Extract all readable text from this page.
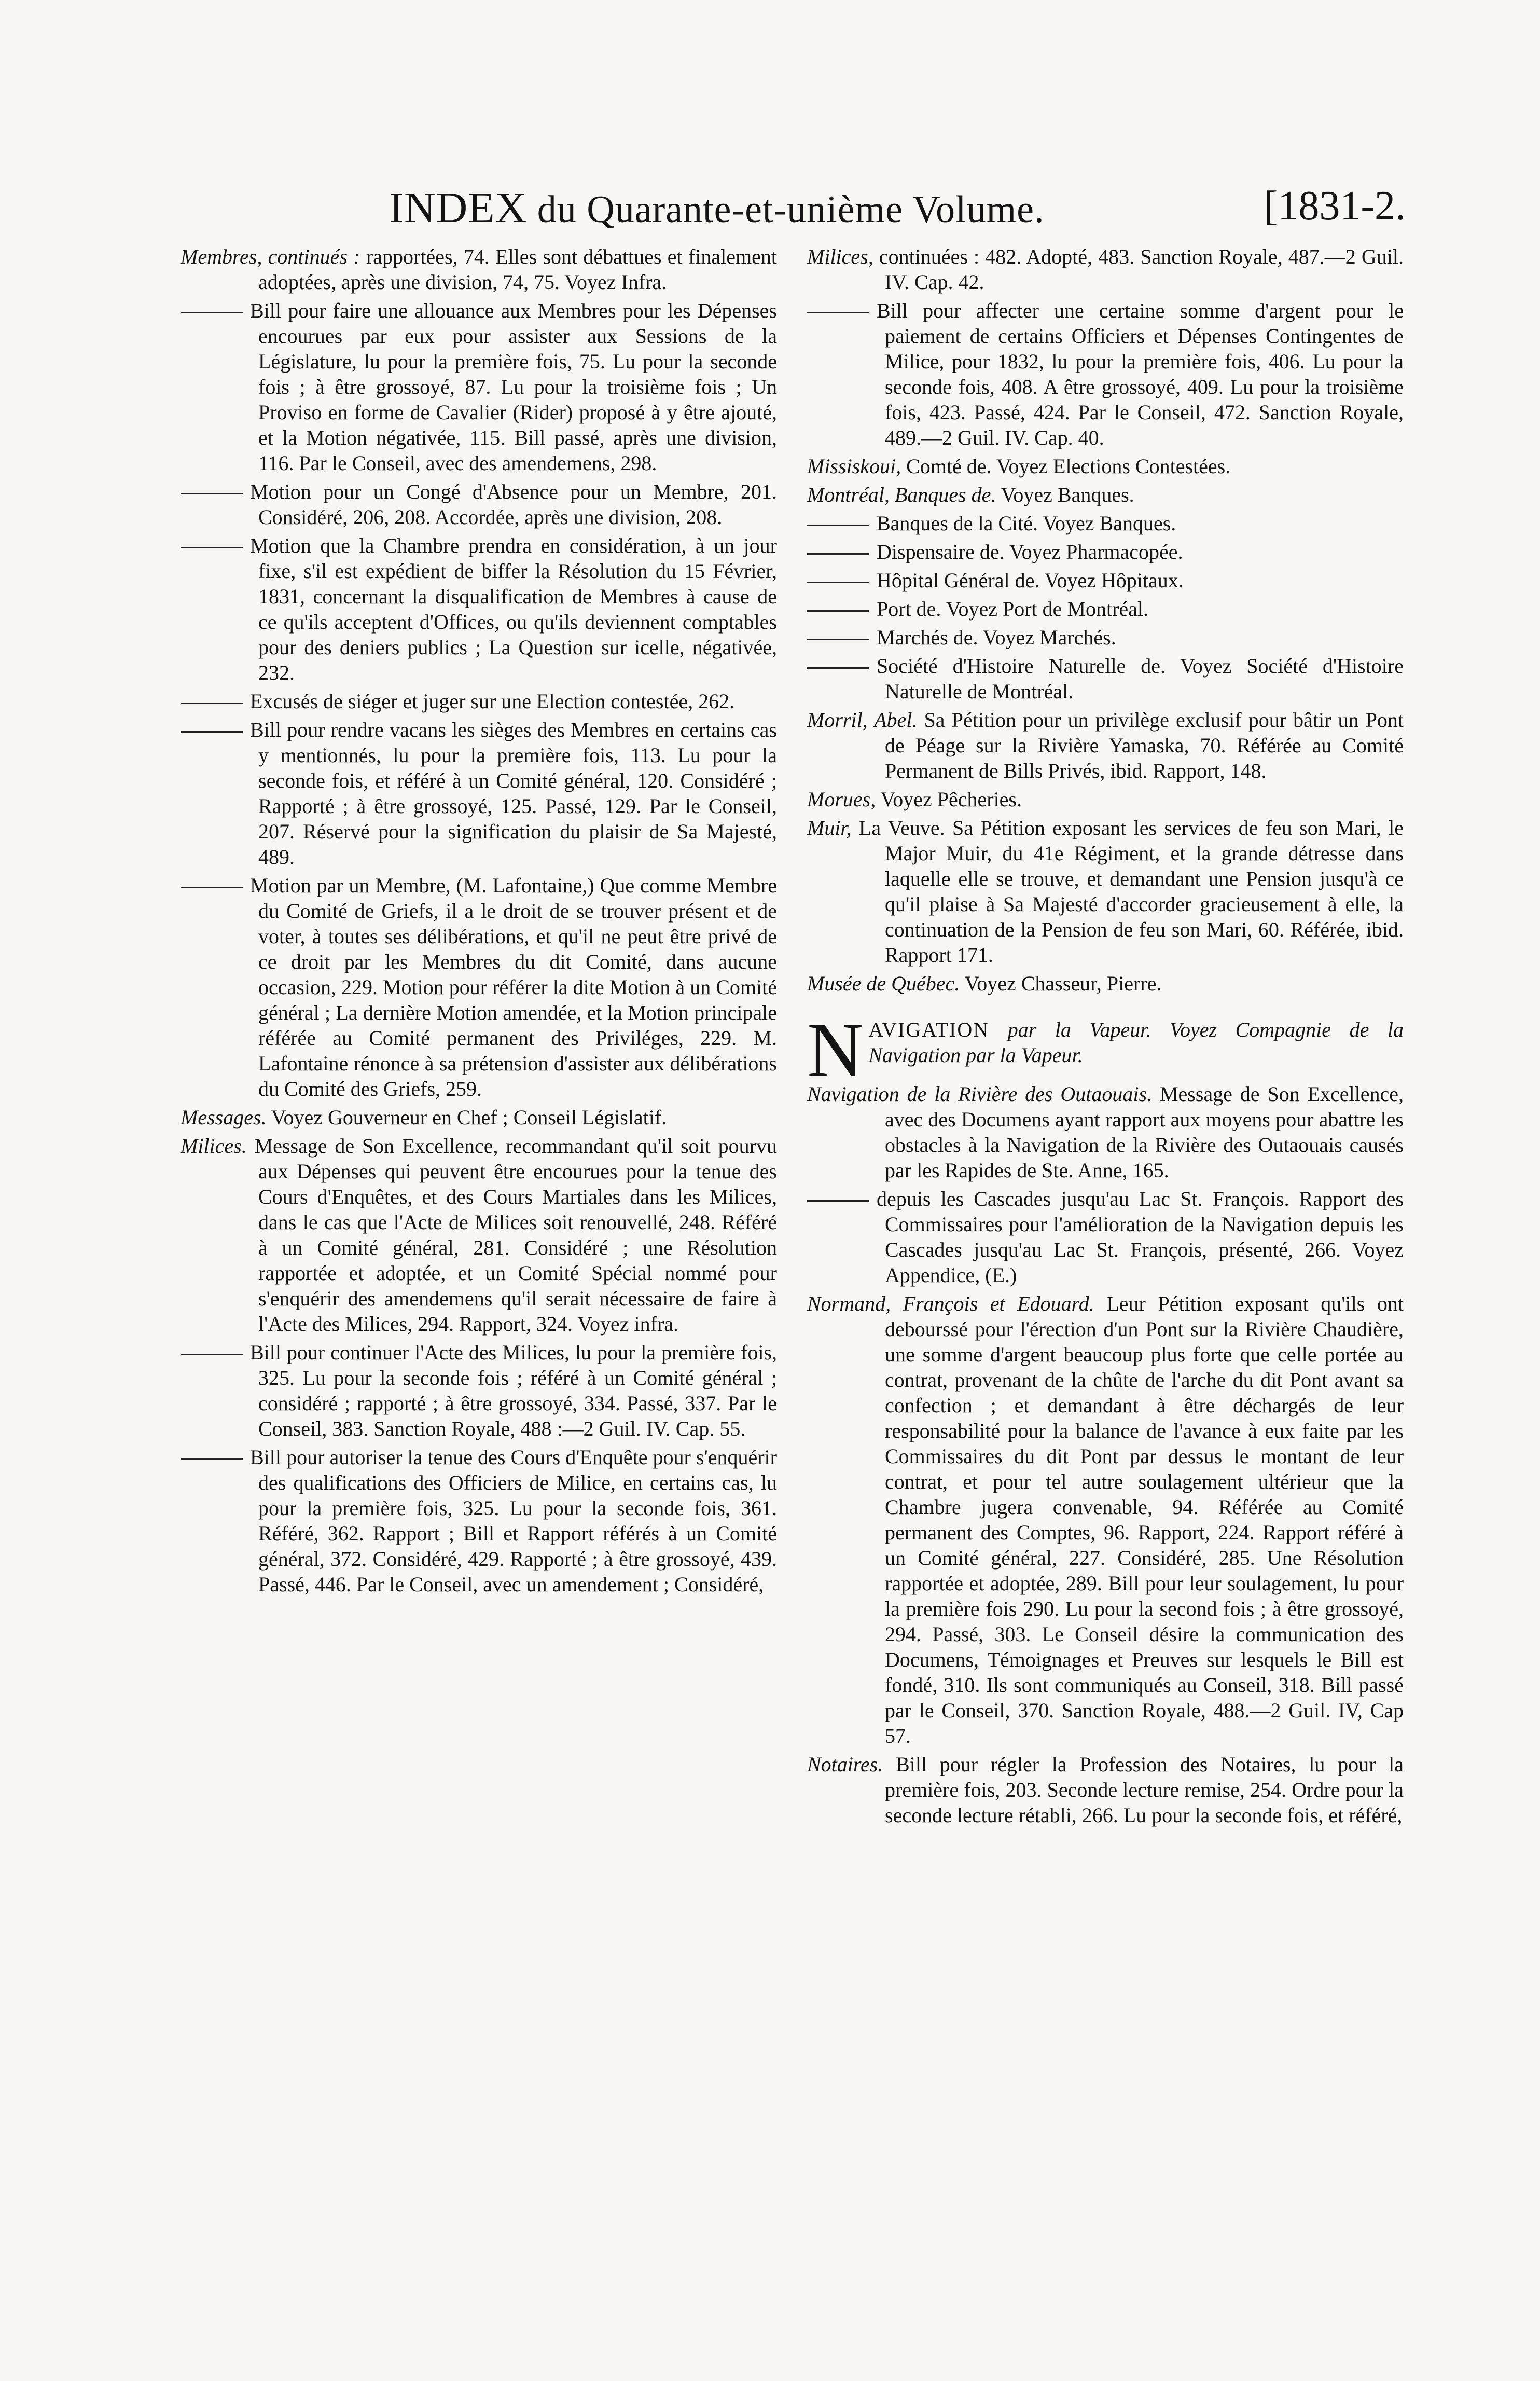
INDEX du Quarante-et-unième Volume.	[1831-2.

Membres, continués : rapportées, 74. Elles sont débattues et finalement adoptées, après une division, 74, 75. Voyez Infra.

Bill pour faire une allouance aux Membres pour les Dépenses encourues par eux pour assister aux Sessions de la Législature, lu pour la première fois, 75. Lu pour la seconde fois ; à être grossoyé, 87. Lu pour la troisième fois ; Un Proviso en forme de Cavalier (Rider) proposé à y être ajouté, et la Motion négativée, 115. Bill passé, après une division, 116. Par le Conseil, avec des amendemens, 298.

Motion pour un Congé d'Absence pour un Membre, 201. Considéré, 206, 208. Accordée, après une division, 208.

Motion que la Chambre prendra en considération, à un jour fixe, s'il est expédient de biffer la Résolution du 15 Février, 1831, concernant la disqualification de Membres à cause de ce qu'ils acceptent d'Offices, ou qu'ils deviennent comptables pour des deniers publics ; La Question sur icelle, négativée, 232.

Excusés de siéger et juger sur une Election contestée, 262.

Bill pour rendre vacans les sièges des Membres en certains cas y mentionnés, lu pour la première fois, 113. Lu pour la seconde fois, et référé à un Comité général, 120. Considéré ; Rapporté ; à être grossoyé, 125. Passé, 129. Par le Conseil, 207. Réservé pour la signification du plaisir de Sa Majesté, 489.

Motion par un Membre, (M. Lafontaine,) Que comme Membre du Comité de Griefs, il a le droit de se trouver présent et de voter, à toutes ses délibérations, et qu'il ne peut être privé de ce droit par les Membres du dit Comité, dans aucune occasion, 229. Motion pour référer la dite Motion à un Comité général ; La dernière Motion amendée, et la Motion principale référée au Comité permanent des Priviléges, 229. M. Lafontaine rénonce à sa prétension d'assister aux délibérations du Comité des Griefs, 259.

Messages. Voyez Gouverneur en Chef ; Conseil Législatif.

Milices. Message de Son Excellence, recommandant qu'il soit pourvu aux Dépenses qui peuvent être encourues pour la tenue des Cours d'Enquêtes, et des Cours Martiales dans les Milices, dans le cas que l'Acte de Milices soit renouvellé, 248. Référé à un Comité général, 281. Considéré ; une Résolution rapportée et adoptée, et un Comité Spécial nommé pour s'enquérir des amendemens qu'il serait nécessaire de faire à l'Acte des Milices, 294. Rapport, 324. Voyez infra.

Bill pour continuer l'Acte des Milices, lu pour la première fois, 325. Lu pour la seconde fois ; référé à un Comité général ; considéré ; rapporté ; à être grossoyé, 334. Passé, 337. Par le Conseil, 383. Sanction Royale, 488 :—2 Guil. IV. Cap. 55.

Bill pour autoriser la tenue des Cours d'Enquête pour s'enquérir des qualifications des Officiers de Milice, en certains cas, lu pour la première fois, 325. Lu pour la seconde fois, 361. Référé, 362. Rapport ; Bill et Rapport référés à un Comité général, 372. Considéré, 429. Rapporté ; à être grossoyé, 439. Passé, 446. Par le Conseil, avec un amendement ; Considéré,

Milices, continuées : 482. Adopté, 483. Sanction Royale, 487.—2 Guil. IV. Cap. 42.

Bill pour affecter une certaine somme d'argent pour le paiement de certains Officiers et Dépenses Contingentes de Milice, pour 1832, lu pour la première fois, 406. Lu pour la seconde fois, 408. A être grossoyé, 409. Lu pour la troisième fois, 423. Passé, 424. Par le Conseil, 472. Sanction Royale, 489.—2 Guil. IV. Cap. 40.

Missiskoui, Comté de. Voyez Elections Contestées.

Montréal, Banques de. Voyez Banques.

Banques de la Cité. Voyez Banques.

Dispensaire de. Voyez Pharmacopée.

Hôpital Général de. Voyez Hôpitaux.

Port de. Voyez Port de Montréal.

Marchés de. Voyez Marchés.

Société d'Histoire Naturelle de. Voyez Société d'Histoire Naturelle de Montréal.

Morril, Abel. Sa Pétition pour un privilège exclusif pour bâtir un Pont de Péage sur la Rivière Yamaska, 70. Référée au Comité Permanent de Bills Privés, ibid. Rapport, 148.

Morues, Voyez Pêcheries.

Muir, La Veuve. Sa Pétition exposant les services de feu son Mari, le Major Muir, du 41e Régiment, et la grande détresse dans laquelle elle se trouve, et demandant une Pension jusqu'à ce qu'il plaise à Sa Majesté d'accorder gracieusement à elle, la continuation de la Pension de feu son Mari, 60. Référée, ibid. Rapport 171.

Musée de Québec. Voyez Chasseur, Pierre.

NAVIGATION par la Vapeur. Voyez Compagnie de la Navigation par la Vapeur.

Navigation de la Rivière des Outaouais. Message de Son Excellence, avec des Documens ayant rapport aux moyens pour abattre les obstacles à la Navigation de la Rivière des Outaouais causés par les Rapides de Ste. Anne, 165.

depuis les Cascades jusqu'au Lac St. François. Rapport des Commissaires pour l'amélioration de la Navigation depuis les Cascades jusqu'au Lac St. François, présenté, 266. Voyez Appendice, (E.)

Normand, François et Edouard. Leur Pétition exposant qu'ils ont debourssé pour l'érection d'un Pont sur la Rivière Chaudière, une somme d'argent beaucoup plus forte que celle portée au contrat, provenant de la chûte de l'arche du dit Pont avant sa confection ; et demandant à être déchargés de leur responsabilité pour la balance de l'avance à eux faite par les Commissaires du dit Pont par dessus le montant de leur contrat, et pour tel autre soulagement ultérieur que la Chambre jugera convenable, 94. Référée au Comité permanent des Comptes, 96. Rapport, 224. Rapport référé à un Comité général, 227. Considéré, 285. Une Résolution rapportée et adoptée, 289. Bill pour leur soulagement, lu pour la première fois 290. Lu pour la second fois ; à être grossoyé, 294. Passé, 303. Le Conseil désire la communication des Documens, Témoignages et Preuves sur lesquels le Bill est fondé, 310. Ils sont communiqués au Conseil, 318. Bill passé par le Conseil, 370. Sanction Royale, 488.—2 Guil. IV, Cap 57.

Notaires. Bill pour régler la Profession des Notaires, lu pour la première fois, 203. Seconde lecture remise, 254. Ordre pour la seconde lecture rétabli, 266. Lu pour la seconde fois, et référé,
